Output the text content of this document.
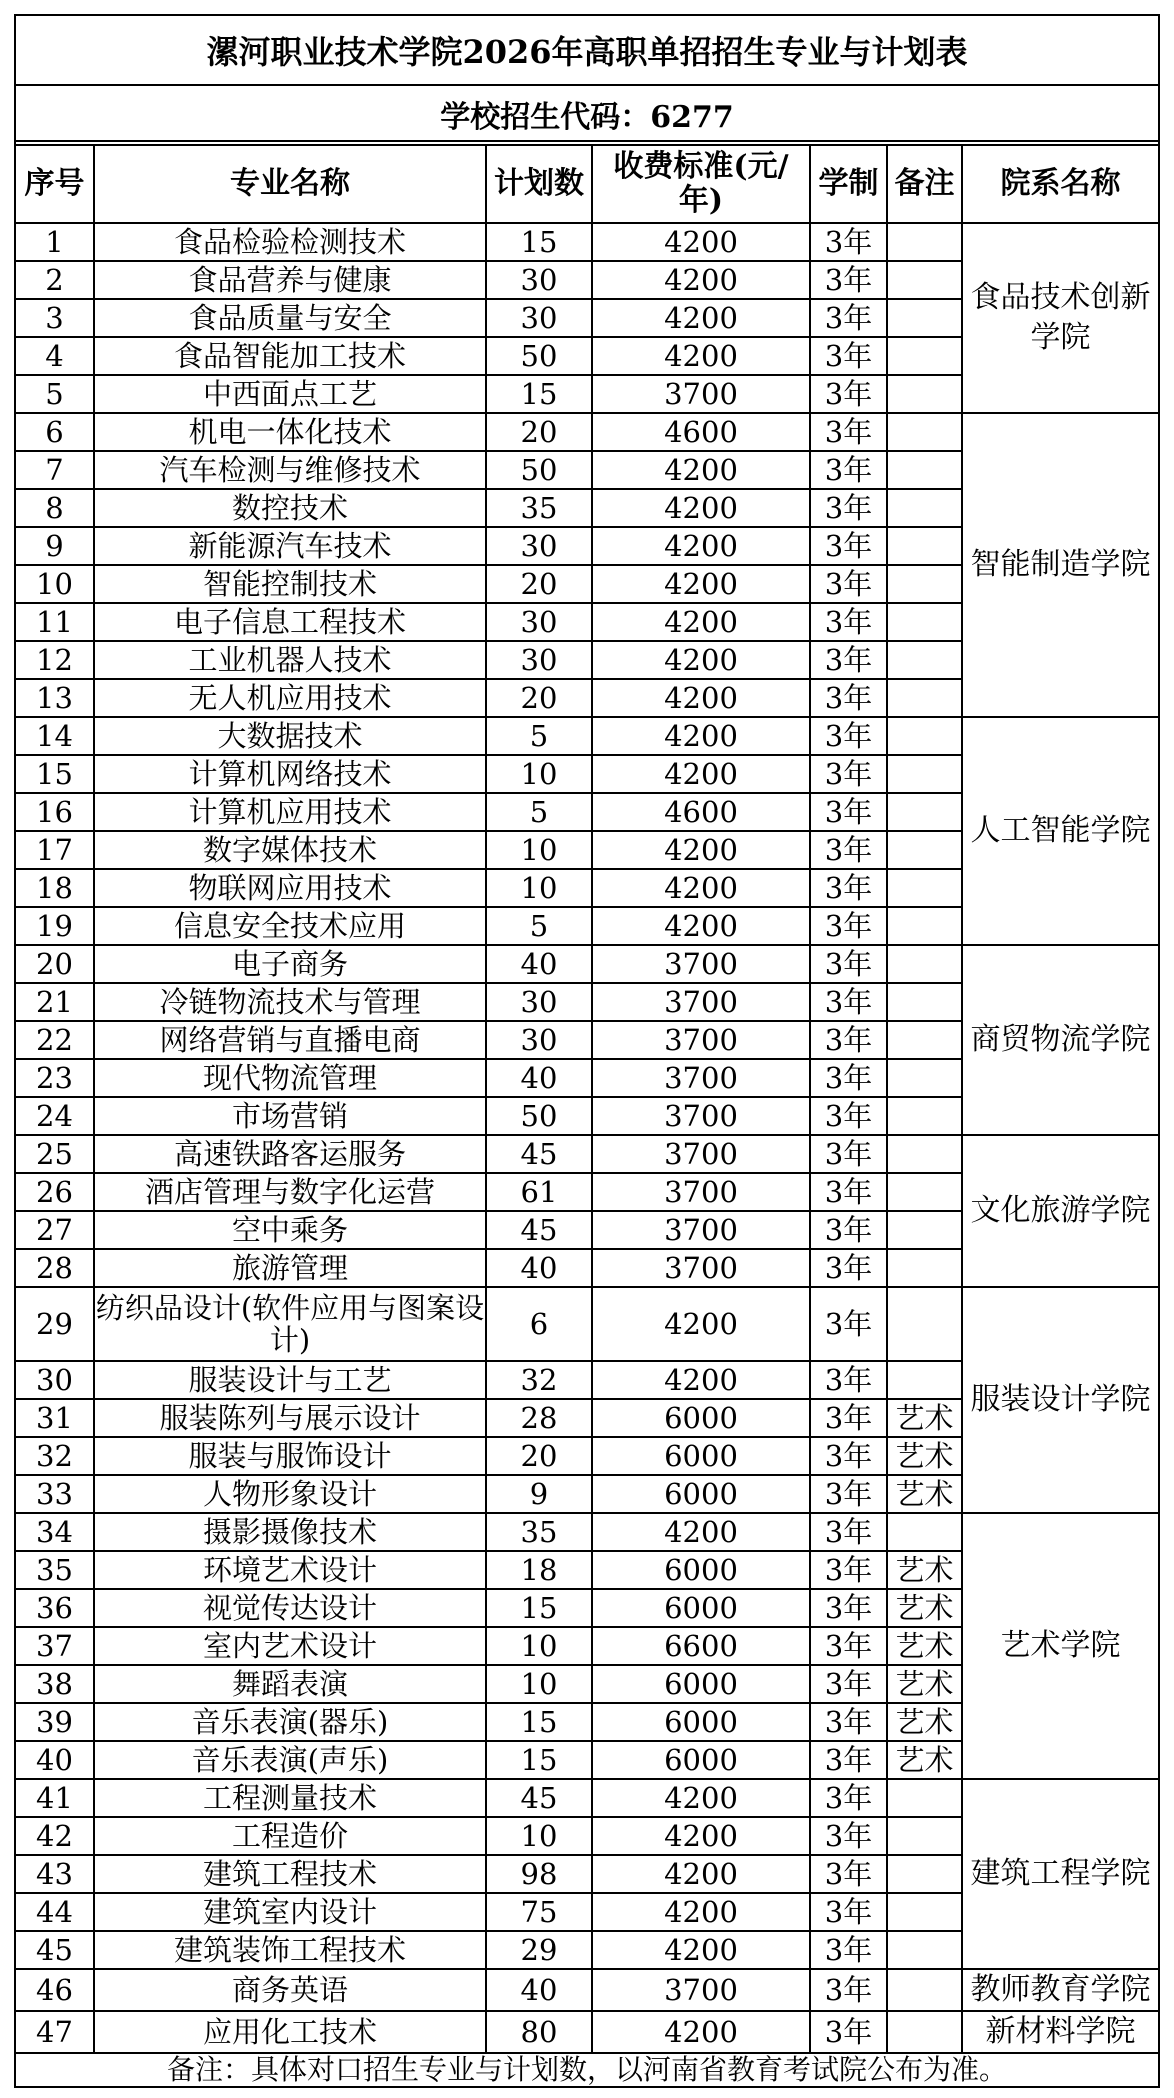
漯河职业技术学院2026年高职单招招生专业与计划表
学校招生代码：6277
序号	专业名称	计划数	收费标准(元/年)	学制	备注	院系名称
1	食品检验检测技术	15	4200	3年		食品技术创新学院
2	食品营养与健康	30	4200	3年		
3	食品质量与安全	30	4200	3年		
4	食品智能加工技术	50	4200	3年		
5	中西面点工艺	15	3700	3年		
6	机电一体化技术	20	4600	3年		智能制造学院
7	汽车检测与维修技术	50	4200	3年		
8	数控技术	35	4200	3年		
9	新能源汽车技术	30	4200	3年		
10	智能控制技术	20	4200	3年		
11	电子信息工程技术	30	4200	3年		
12	工业机器人技术	30	4200	3年		
13	无人机应用技术	20	4200	3年		
14	大数据技术	5	4200	3年		人工智能学院
15	计算机网络技术	10	4200	3年		
16	计算机应用技术	5	4600	3年		
17	数字媒体技术	10	4200	3年		
18	物联网应用技术	10	4200	3年		
19	信息安全技术应用	5	4200	3年		
20	电子商务	40	3700	3年		商贸物流学院
21	冷链物流技术与管理	30	3700	3年		
22	网络营销与直播电商	30	3700	3年		
23	现代物流管理	40	3700	3年		
24	市场营销	50	3700	3年		
25	高速铁路客运服务	45	3700	3年		文化旅游学院
26	酒店管理与数字化运营	61	3700	3年		
27	空中乘务	45	3700	3年		
28	旅游管理	40	3700	3年		
29	纺织品设计(软件应用与图案设计)	6	4200	3年		服装设计学院
30	服装设计与工艺	32	4200	3年		
31	服装陈列与展示设计	28	6000	3年	艺术	
32	服装与服饰设计	20	6000	3年	艺术	
33	人物形象设计	9	6000	3年	艺术	
34	摄影摄像技术	35	4200	3年		艺术学院
35	环境艺术设计	18	6000	3年	艺术	
36	视觉传达设计	15	6000	3年	艺术	
37	室内艺术设计	10	6600	3年	艺术	
38	舞蹈表演	10	6000	3年	艺术	
39	音乐表演(器乐)	15	6000	3年	艺术	
40	音乐表演(声乐)	15	6000	3年	艺术	
41	工程测量技术	45	4200	3年		建筑工程学院
42	工程造价	10	4200	3年		
43	建筑工程技术	98	4200	3年		
44	建筑室内设计	75	4200	3年		
45	建筑装饰工程技术	29	4200	3年		
46	商务英语	40	3700	3年		教师教育学院
47	应用化工技术	80	4200	3年		新材料学院
备注：具体对口招生专业与计划数，以河南省教育考试院公布为准。
